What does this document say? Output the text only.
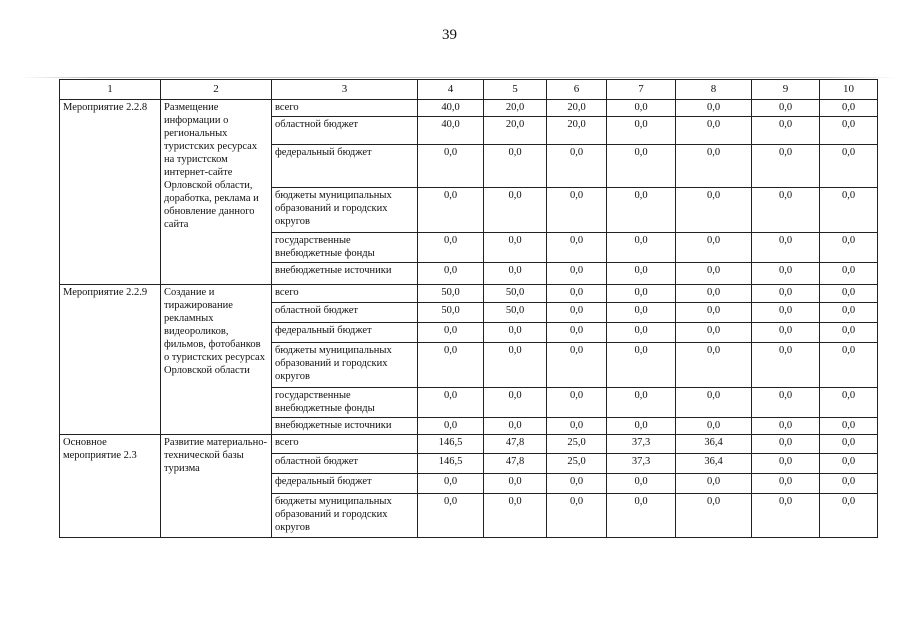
39
1	2	3	4	5	6	7	8	9	10
Мероприятие 2.2.8	Размещение информации о региональных туристских ресурсах на туристском интернет-сайте Орловской области, доработка, реклама и обновление данного сайта	всего	40,0	20,0	20,0	0,0	0,0	0,0	0,0
		областной бюджет	40,0	20,0	20,0	0,0	0,0	0,0	0,0
		федеральный бюджет	0,0	0,0	0,0	0,0	0,0	0,0	0,0
		бюджеты муниципальных образований и городских округов	0,0	0,0	0,0	0,0	0,0	0,0	0,0
		государственные внебюджетные фонды	0,0	0,0	0,0	0,0	0,0	0,0	0,0
		внебюджетные источники	0,0	0,0	0,0	0,0	0,0	0,0	0,0
Мероприятие 2.2.9	Создание и тиражирование рекламных видеороликов, фильмов, фотобанков о туристских ресурсах Орловской области	всего	50,0	50,0	0,0	0,0	0,0	0,0	0,0
		областной бюджет	50,0	50,0	0,0	0,0	0,0	0,0	0,0
		федеральный бюджет	0,0	0,0	0,0	0,0	0,0	0,0	0,0
		бюджеты муниципальных образований и городских округов	0,0	0,0	0,0	0,0	0,0	0,0	0,0
		государственные внебюджетные фонды	0,0	0,0	0,0	0,0	0,0	0,0	0,0
		внебюджетные источники	0,0	0,0	0,0	0,0	0,0	0,0	0,0
Основное мероприятие 2.3	Развитие материально-технической базы туризма	всего	146,5	47,8	25,0	37,3	36,4	0,0	0,0
		областной бюджет	146,5	47,8	25,0	37,3	36,4	0,0	0,0
		федеральный бюджет	0,0	0,0	0,0	0,0	0,0	0,0	0,0
		бюджеты муниципальных образований и городских округов	0,0	0,0	0,0	0,0	0,0	0,0	0,0
